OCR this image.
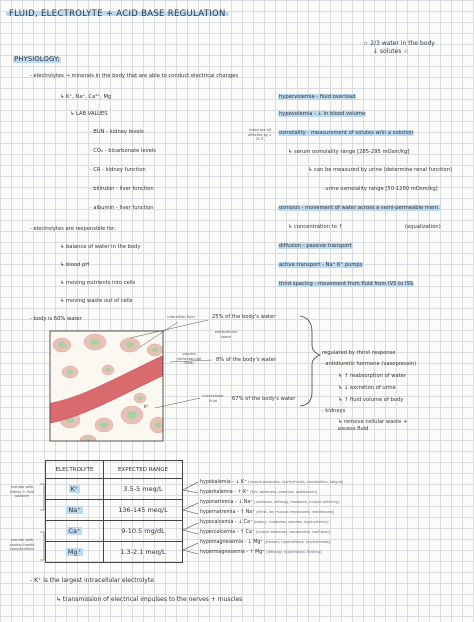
FLUID, ELECTROLYTE + ACID BASE REGULATION
☆ 2/3 water in the body
↓ solutes ☆
PHYSIOLOGY:
- electrolytes → minerals in the body that are able to conduct electrical changes
↳ K⁺, Na⁺, Ca²⁺, Mg
↳ LAB VALUES
· BUN - kidney levels
· CO₂ - bicarbonate levels
· CR - kidney function
· bilirubin - liver function
· albumin - liver function
- electrolytes are responsible for:
↳ balance of water in the body
↳ blood pH
↳ moving nutrients into cells
↳ moving waste out of cells
- body is 60% water
hypervolemia - fluid overload
hypovolemia - ↓ in blood volume
these are all affected by ↓
IS IT
osmolality - measurement of solutes w/in a solution
↳ serum osmolality range [285-295 mOsm/kg]
↳ can be measured by urine (determine renal function)
· urine osmolality range [50-1200 mOsm/kg]
osmosis - movement of water across a semi-permeable mem.
↳ concentration to ↑	(equalization)
diffusion - passive transport
active transport - Na⁺ K⁺ pumps
third spacing - movement from fluid from IVS to ISS
interstitial fluid
extracellular space
plasma (intravascular fluid)
intracellular fluid
K⁺
25% of the body's water
8% of the body's water
67% of the body's water
regulated by thirst response
· antidiuretic hormone (vasopressin)
↳ ↑ reabsorption of water
↳ ↓ excretion of urine
↳ ↑ fluid volume of body
· kidneys
↳ remove cellular waste + excess fluid
ELECTROLYTE	EXPECTED RANGE
K⁺	3.5-5 meq/L
Na⁺	136-145 meq/L
Ca⁺	9-10.5 mg/dL
Mg⁺	1.3-2.1 meq/L
monitor with kidney + fluid balance
monitor with cardiac health complications
hypokalemia - ↓ K⁺ [muscle weakness, dysrhythmias, constipation, fatigue]
hyperkalemia - ↑ K⁺ [N/V, weakness, paralysis, palpitations]
hyponatremia - ↓ Na⁺ [confusion, lethargy, headache, muscle twitching]
hypernatremia - ↑ Na⁺ [thirst, dry mucous membranes, restlessness]
hypocalcemia - ↓ Ca⁺ [tetany, numbness, seizures, dysrhythmias]
hypercalcemia - ↑ Ca⁺ [muscle weakness, constipation, confusion]
hypomagnesemia - ↓ Mg⁺ [tremors, hyperreflexia, dysrhythmias]
hypermagnesemia - ↑ Mg⁺ [lethargy, hypotension, flushing]
- K⁺ is the largest intracellular electrolyte
↳ transmission of electrical impulses to the nerves + muscles
